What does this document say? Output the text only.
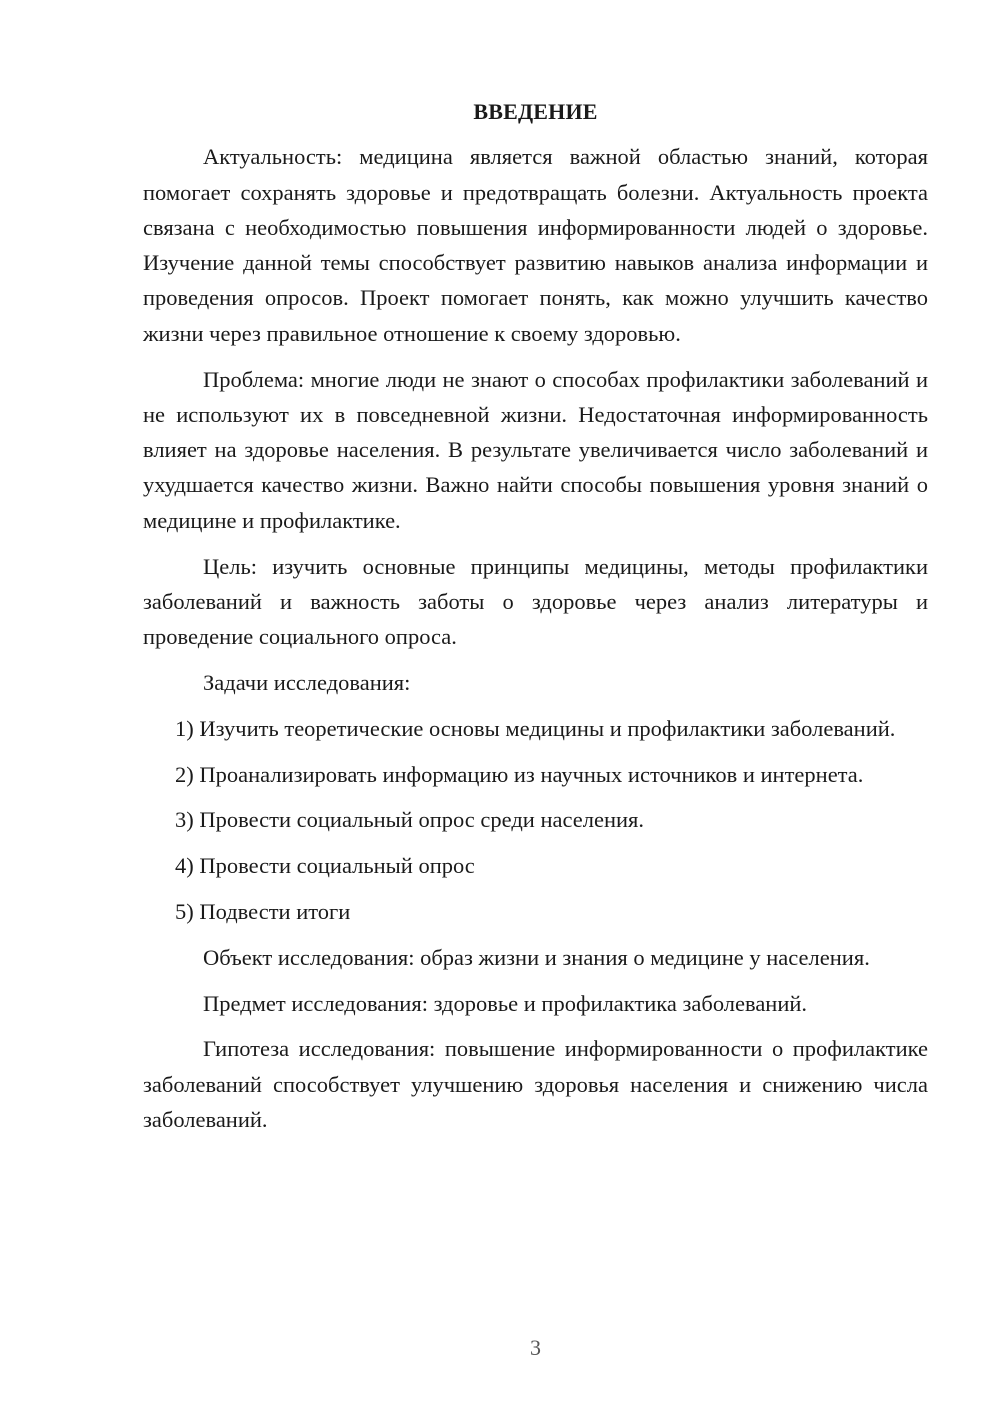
ВВЕДЕНИЕ

Актуальность: медицина является важной областью знаний, которая помогает сохранять здоровье и предотвращать болезни. Актуальность проекта связана с необходимостью повышения информированности людей о здоровье. Изучение данной темы способствует развитию навыков анализа информации и проведения опросов. Проект помогает понять, как можно улучшить качество жизни через правильное отношение к своему здоровью.

Проблема: многие люди не знают о способах профилактики заболеваний и не используют их в повседневной жизни. Недостаточная информированность влияет на здоровье населения. В результате увеличивается число заболеваний и ухудшается качество жизни. Важно найти способы повышения уровня знаний о медицине и профилактике.

Цель: изучить основные принципы медицины, методы профилактики заболеваний и важность заботы о здоровье через анализ литературы и проведение социального опроса.

Задачи исследования:

1) Изучить теоретические основы медицины и профилактики заболеваний.

2) Проанализировать информацию из научных источников и интернета.

3) Провести социальный опрос среди населения.

4) Провести социальный опрос

5) Подвести итоги

Объект исследования: образ жизни и знания о медицине у населения.

Предмет исследования: здоровье и профилактика заболеваний.

Гипотеза исследования: повышение информированности о профилактике заболеваний способствует улучшению здоровья населения и снижению числа заболеваний.

3
